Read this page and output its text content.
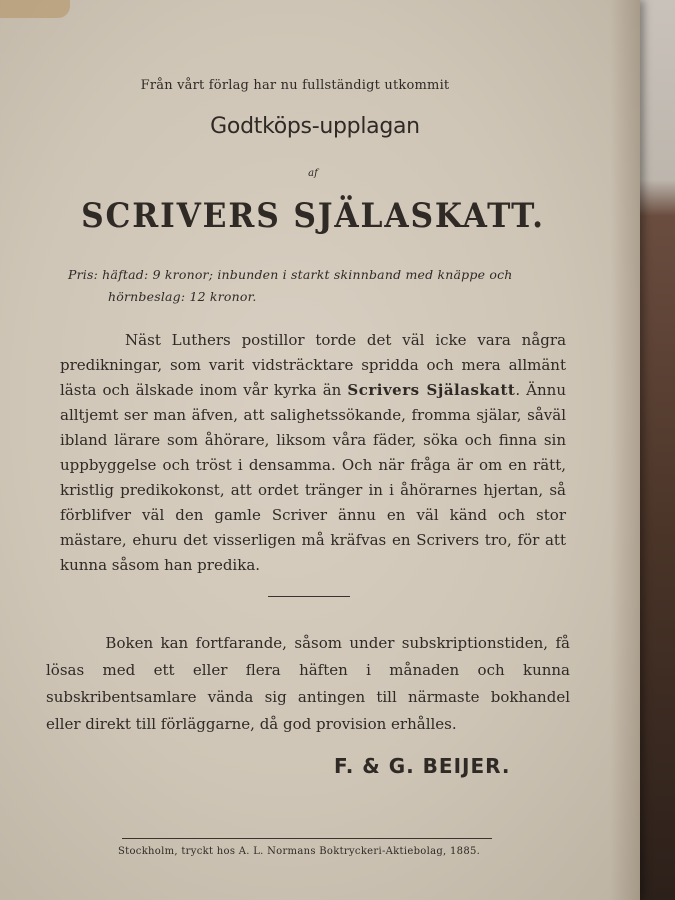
Från vårt förlag har nu fullständigt utkommit
Godtköps-upplagan
af
SCRIVERS SJÄLASKATT.
Pris: häftad: 9 kronor; inbunden i starkt skinnband med knäppe och
hörnbeslag: 12 kronor.
Näst Luthers postillor torde det väl icke vara några predikningar, som varit vidsträcktare spridda och mera allmänt lästa och älskade inom vår kyrka än Scrivers Själaskatt. Ännu alltjemt ser man äfven, att salighetssökande, fromma själar, såväl ibland lärare som åhörare, liksom våra fäder, söka och finna sin uppbyggelse och tröst i densamma. Och när fråga är om en rätt, kristlig predikokonst, att ordet tränger in i åhörarnes hjertan, så förblifver väl den gamle Scriver ännu en väl känd och stor mästare, ehuru det visserligen må kräfvas en Scrivers tro, för att kunna såsom han predika.
Boken kan fortfarande, såsom under subskriptionstiden, få lösas med ett eller flera häften i månaden och kunna subskribentsamlare vända sig antingen till närmaste bokhandel eller direkt till förläggarne, då god provision erhålles.
F. & G. BEIJER.
Stockholm, tryckt hos A. L. Normans Boktryckeri-Aktiebolag, 1885.
